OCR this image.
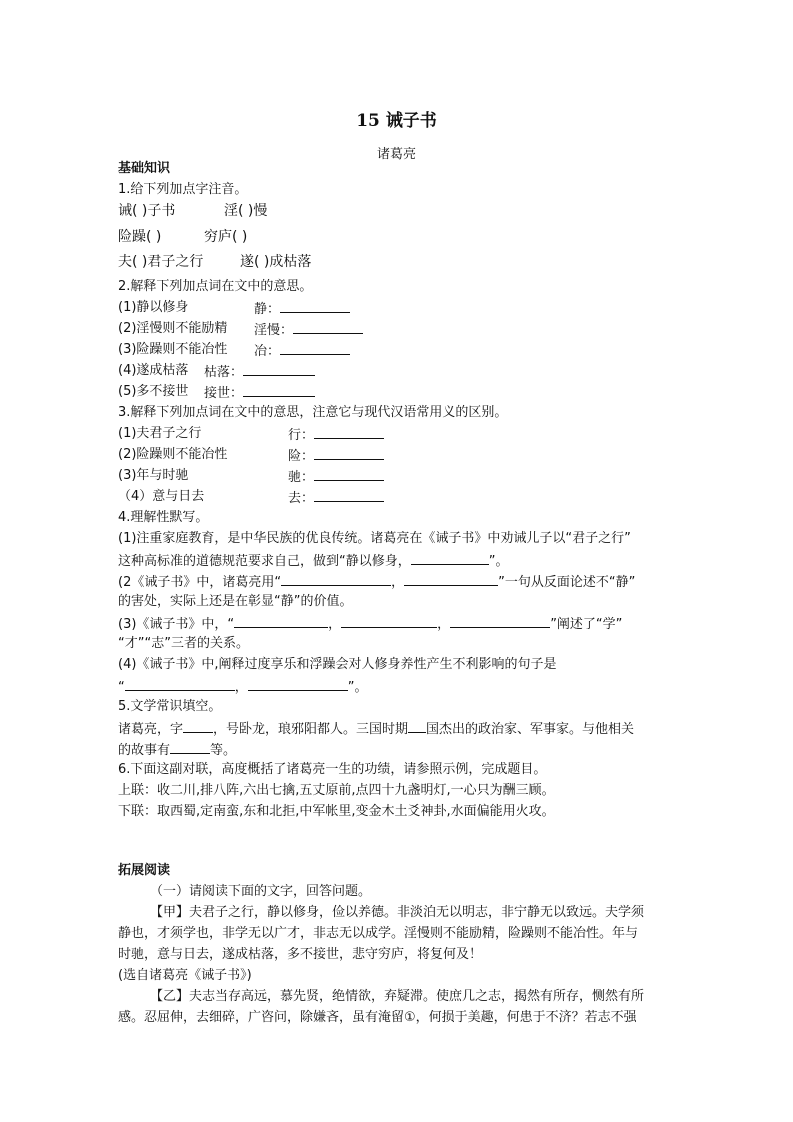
15 诫子书
诸葛亮
基础知识
1.给下列加点字注音。
诫( )子书	淫( )慢
险躁( )	穷庐( )
夫( )君子之行	遂( )成枯落
2.解释下列加点词在文中的意思。
(1)静以修身	静：
(2)淫慢则不能励精 淫慢：
(3)险躁则不能冶性 冶：
(4)遂成枯落 枯落：
(5)多不接世 接世：
3.解释下列加点词在文中的意思，注意它与现代汉语常用义的区别。
(1)夫君子之行	行：
(2)险躁则不能冶性	险：
(3)年与时驰	驰：
（4）意与日去	去：
4.理解性默写。
(1)注重家庭教育，是中华民族的优良传统。诸葛亮在《诫子书》中劝诫儿子以“君子之行”
这种高标准的道德规范要求自己，做到“静以修身，	”。
(2《诫子书》中，诸葛亮用“	，	”一句从反面论述不“静”
的害处，实际上还是在彰显“静”的价值。
(3)《诫子书》中，“	，	，	”阐述了“学”
“才”“志”三者的关系。
(4)《诫子书》中,阐释过度享乐和浮躁会对人修身养性产生不利影响的句子是
“	，	”。
5.文学常识填空。
诸葛亮，字 ，号卧龙，琅邪阳都人。三国时期 国杰出的政治家、军事家。与他相关
的故事有	等。
6.下面这副对联，高度概括了诸葛亮一生的功绩，请参照示例，完成题目。
上联：收二川,排八阵,六出七擒,五丈原前,点四十九盏明灯,一心只为酬三顾。
下联：取西蜀,定南蛮,东和北拒,中军帐里,变金木土爻神卦,水面偏能用火攻。
拓展阅读
（一）请阅读下面的文字，回答问题。
【甲】夫君子之行，静以修身，俭以养德。非淡泊无以明志，非宁静无以致远。夫学须
静也，才须学也，非学无以广才，非志无以成学。淫慢则不能励精，险躁则不能冶性。年与
时驰，意与日去，遂成枯落，多不接世，悲守穷庐，将复何及！
(选自诸葛亮《诫子书》)
【乙】夫志当存高远，慕先贤，绝情欲，弃疑滞。使庶几之志，揭然有所存，恻然有所
感。忍屈伸，去细碎，广咨问，除嫌吝，虽有淹留①，何损于美趣，何患于不济？若志不强
